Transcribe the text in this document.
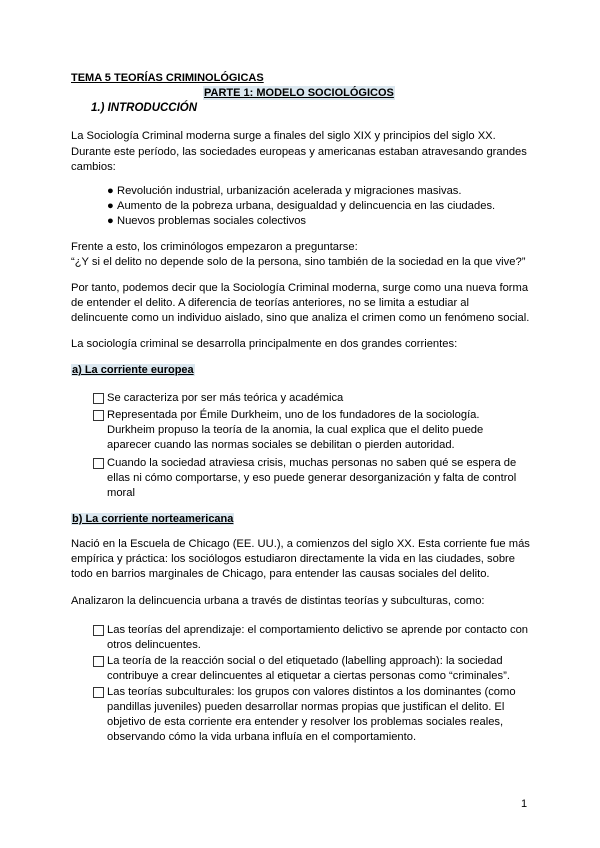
TEMA 5 TEORÍAS CRIMINOLÓGICAS
PARTE 1: MODELO SOCIOLÓGICOS
1.) INTRODUCCIÓN
La Sociología Criminal moderna surge a finales del siglo XIX y principios del siglo XX.
Durante este período, las sociedades europeas y americanas estaban atravesando grandes
cambios:
● Revolución industrial, urbanización acelerada y migraciones masivas.
● Aumento de la pobreza urbana, desigualdad y delincuencia en las ciudades.
● Nuevos problemas sociales colectivos
Frente a esto, los criminólogos empezaron a preguntarse:
“¿Y si el delito no depende solo de la persona, sino también de la sociedad en la que vive?”
Por tanto, podemos decir que la Sociología Criminal moderna, surge como una nueva forma
de entender el delito. A diferencia de teorías anteriores, no se limita a estudiar al
delincuente como un individuo aislado, sino que analiza el crimen como un fenómeno social.
La sociología criminal se desarrolla principalmente en dos grandes corrientes:
a) La corriente europea
Se caracteriza por ser más teórica y académica
Representada por Émile Durkheim, uno de los fundadores de la sociología.
Durkheim propuso la teoría de la anomia, la cual explica que el delito puede
aparecer cuando las normas sociales se debilitan o pierden autoridad.
Cuando la sociedad atraviesa crisis, muchas personas no saben qué se espera de
ellas ni cómo comportarse, y eso puede generar desorganización y falta de control
moral
b) La corriente norteamericana
Nació en la Escuela de Chicago (EE. UU.), a comienzos del siglo XX. Esta corriente fue más
empírica y práctica: los sociólogos estudiaron directamente la vida en las ciudades, sobre
todo en barrios marginales de Chicago, para entender las causas sociales del delito.
Analizaron la delincuencia urbana a través de distintas teorías y subculturas, como:
Las teorías del aprendizaje: el comportamiento delictivo se aprende por contacto con
otros delincuentes.
La teoría de la reacción social o del etiquetado (labelling approach): la sociedad
contribuye a crear delincuentes al etiquetar a ciertas personas como “criminales”.
Las teorías subculturales: los grupos con valores distintos a los dominantes (como
pandillas juveniles) pueden desarrollar normas propias que justifican el delito. El
objetivo de esta corriente era entender y resolver los problemas sociales reales,
observando cómo la vida urbana influía en el comportamiento.
1
